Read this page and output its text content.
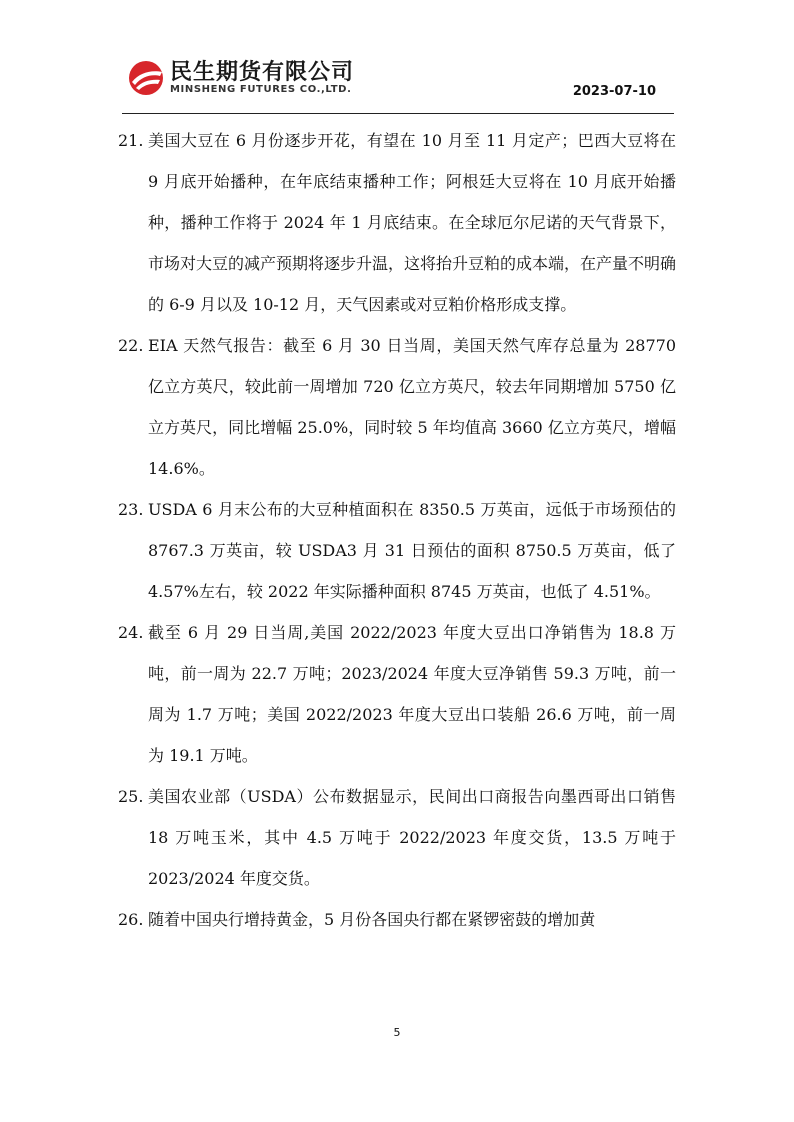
民生期货有限公司
MINSHENG FUTURES CO.,LTD.	2023-07-10
21. 美国大豆在 6 月份逐步开花，有望在 10 月至 11 月定产；巴西大豆将在 9 月底开始播种，在年底结束播种工作；阿根廷大豆将在 10 月底开始播种，播种工作将于 2024 年 1 月底结束。在全球厄尔尼诺的天气背景下，市场对大豆的减产预期将逐步升温，这将抬升豆粕的成本端，在产量不明确的 6-9 月以及 10-12 月，天气因素或对豆粕价格形成支撑。
22. EIA 天然气报告：截至 6 月 30 日当周，美国天然气库存总量为 28770 亿立方英尺，较此前一周增加 720 亿立方英尺，较去年同期增加 5750 亿立方英尺，同比增幅 25.0%，同时较 5 年均值高 3660 亿立方英尺，增幅 14.6%。
23. USDA 6 月末公布的大豆种植面积在 8350.5 万英亩，远低于市场预估的 8767.3 万英亩，较 USDA3 月 31 日预估的面积 8750.5 万英亩，低了 4.57%左右，较 2022 年实际播种面积 8745 万英亩，也低了 4.51%。
24. 截至 6 月 29 日当周,美国 2022/2023 年度大豆出口净销售为 18.8 万吨，前一周为 22.7 万吨；2023/2024 年度大豆净销售 59.3 万吨，前一周为 1.7 万吨；美国 2022/2023 年度大豆出口装船 26.6 万吨，前一周为 19.1 万吨。
25. 美国农业部（USDA）公布数据显示，民间出口商报告向墨西哥出口销售 18 万吨玉米，其中 4.5 万吨于 2022/2023 年度交货，13.5 万吨于 2023/2024 年度交货。
26. 随着中国央行增持黄金，5 月份各国央行都在紧锣密鼓的增加黄
5
